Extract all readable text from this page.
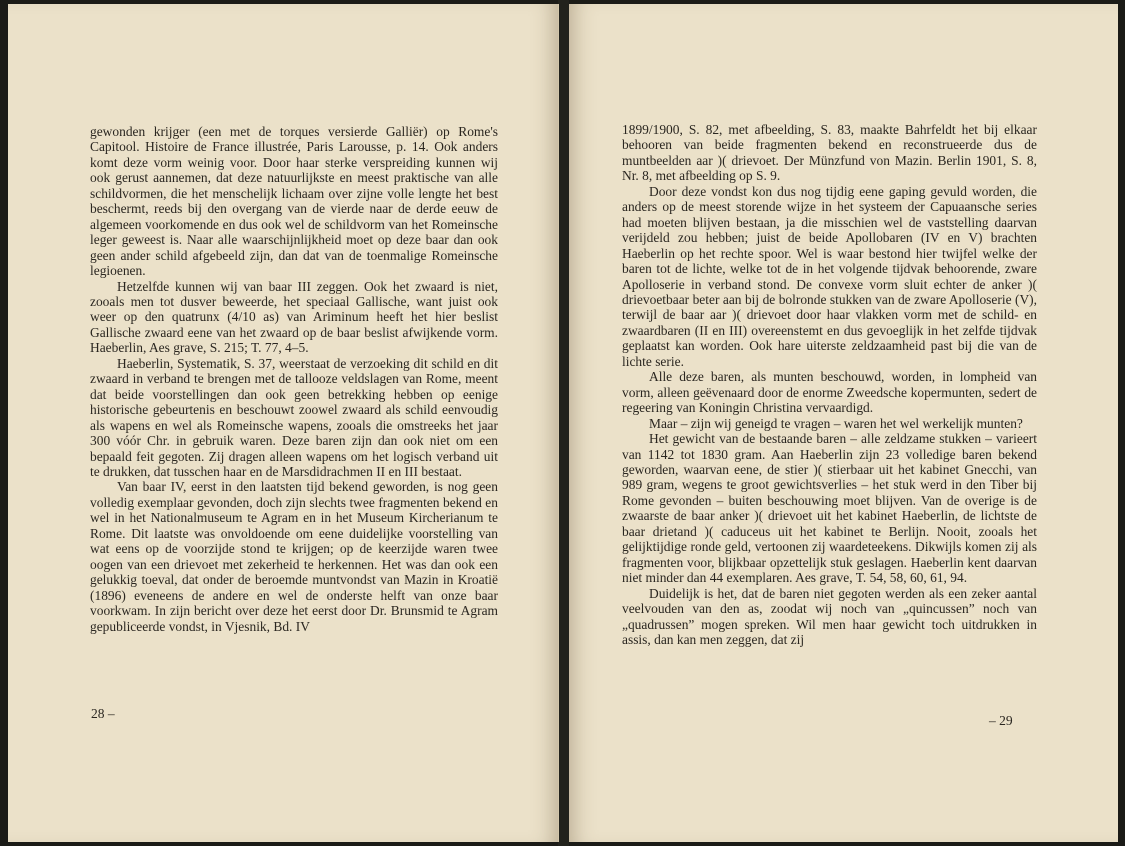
gewonden krijger (een met de torques versierde Galliër) op Rome's Capitool. Histoire de France illustrée, Paris Larousse, p. 14. Ook anders komt deze vorm weinig voor. Door haar sterke verspreiding kunnen wij ook gerust aannemen, dat deze natuurlijkste en meest praktische van alle schildvormen, die het menschelijk lichaam over zijne volle lengte het best beschermt, reeds bij den overgang van de vierde naar de derde eeuw de algemeen voorkomende en dus ook wel de schildvorm van het Romeinsche leger geweest is. Naar alle waarschijnlijkheid moet op deze baar dan ook geen ander schild afgebeeld zijn, dan dat van de toenmalige Romeinsche legioenen.

Hetzelfde kunnen wij van baar III zeggen. Ook het zwaard is niet, zooals men tot dusver beweerde, het speciaal Gallische, want juist ook weer op den quatrunx (4/10 as) van Ariminum heeft het hier beslist Gallische zwaard eene van het zwaard op de baar beslist afwijkende vorm. Haeberlin, Aes grave, S. 215; T. 77, 4–5.

Haeberlin, Systematik, S. 37, weerstaat de verzoeking dit schild en dit zwaard in verband te brengen met de tallooze veldslagen van Rome, meent dat beide voorstellingen dan ook geen betrekking hebben op eenige historische gebeurtenis en beschouwt zoowel zwaard als schild eenvoudig als wapens en wel als Romeinsche wapens, zooals die omstreeks het jaar 300 vóór Chr. in gebruik waren. Deze baren zijn dan ook niet om een bepaald feit gegoten. Zij dragen alleen wapens om het logisch verband uit te drukken, dat tusschen haar en de Marsdidrachmen II en III bestaat.

Van baar IV, eerst in den laatsten tijd bekend geworden, is nog geen volledig exemplaar gevonden, doch zijn slechts twee fragmenten bekend en wel in het Nationalmuseum te Agram en in het Museum Kircherianum te Rome. Dit laatste was onvoldoende om eene duidelijke voorstelling van wat eens op de voorzijde stond te krijgen; op de keerzijde waren twee oogen van een drievoet met zekerheid te herkennen. Het was dan ook een gelukkig toeval, dat onder de beroemde muntvondst van Mazin in Kroatië (1896) eveneens de andere en wel de onderste helft van onze baar voorkwam. In zijn bericht over deze het eerst door Dr. Brunsmid te Agram gepubliceerde vondst, in Vjesnik, Bd. IV

28 –

1899/1900, S. 82, met afbeelding, S. 83, maakte Bahrfeldt het bij elkaar behooren van beide fragmenten bekend en reconstrueerde dus de muntbeelden aar )( drievoet. Der Münzfund von Mazin. Berlin 1901, S. 8, Nr. 8, met afbeelding op S. 9.

Door deze vondst kon dus nog tijdig eene gaping gevuld worden, die anders op de meest storende wijze in het systeem der Capuaansche series had moeten blijven bestaan, ja die misschien wel de vaststelling daarvan verijdeld zou hebben; juist de beide Apollobaren (IV en V) brachten Haeberlin op het rechte spoor. Wel is waar bestond hier twijfel welke der baren tot de lichte, welke tot de in het volgende tijdvak behoorende, zware Apolloserie in verband stond. De convexe vorm sluit echter de anker )( drievoetbaar beter aan bij de bolronde stukken van de zware Apolloserie (V), terwijl de baar aar )( drievoet door haar vlakken vorm met de schild- en zwaardbaren (II en III) overeenstemt en dus gevoeglijk in het zelfde tijdvak geplaatst kan worden. Ook hare uiterste zeldzaamheid past bij die van de lichte serie.

Alle deze baren, als munten beschouwd, worden, in lompheid van vorm, alleen geëvenaard door de enorme Zweedsche kopermunten, sedert de regeering van Koningin Christina vervaardigd.

Maar – zijn wij geneigd te vragen – waren het wel werkelijk munten?

Het gewicht van de bestaande baren – alle zeldzame stukken – varieert van 1142 tot 1830 gram. Aan Haeberlin zijn 23 volledige baren bekend geworden, waarvan eene, de stier )( stierbaar uit het kabinet Gnecchi, van 989 gram, wegens te groot gewichtsverlies – het stuk werd in den Tiber bij Rome gevonden – buiten beschouwing moet blijven. Van de overige is de zwaarste de baar anker )( drievoet uit het kabinet Haeberlin, de lichtste de baar drietand )( caduceus uit het kabinet te Berlijn. Nooit, zooals het gelijktijdige ronde geld, vertoonen zij waardeteekens. Dikwijls komen zij als fragmenten voor, blijkbaar opzettelijk stuk geslagen. Haeberlin kent daarvan niet minder dan 44 exemplaren. Aes grave, T. 54, 58, 60, 61, 94.

Duidelijk is het, dat de baren niet gegoten werden als een zeker aantal veelvouden van den as, zoodat wij noch van „quincussen” noch van „quadrussen” mogen spreken. Wil men haar gewicht toch uitdrukken in assis, dan kan men zeggen, dat zij

– 29
